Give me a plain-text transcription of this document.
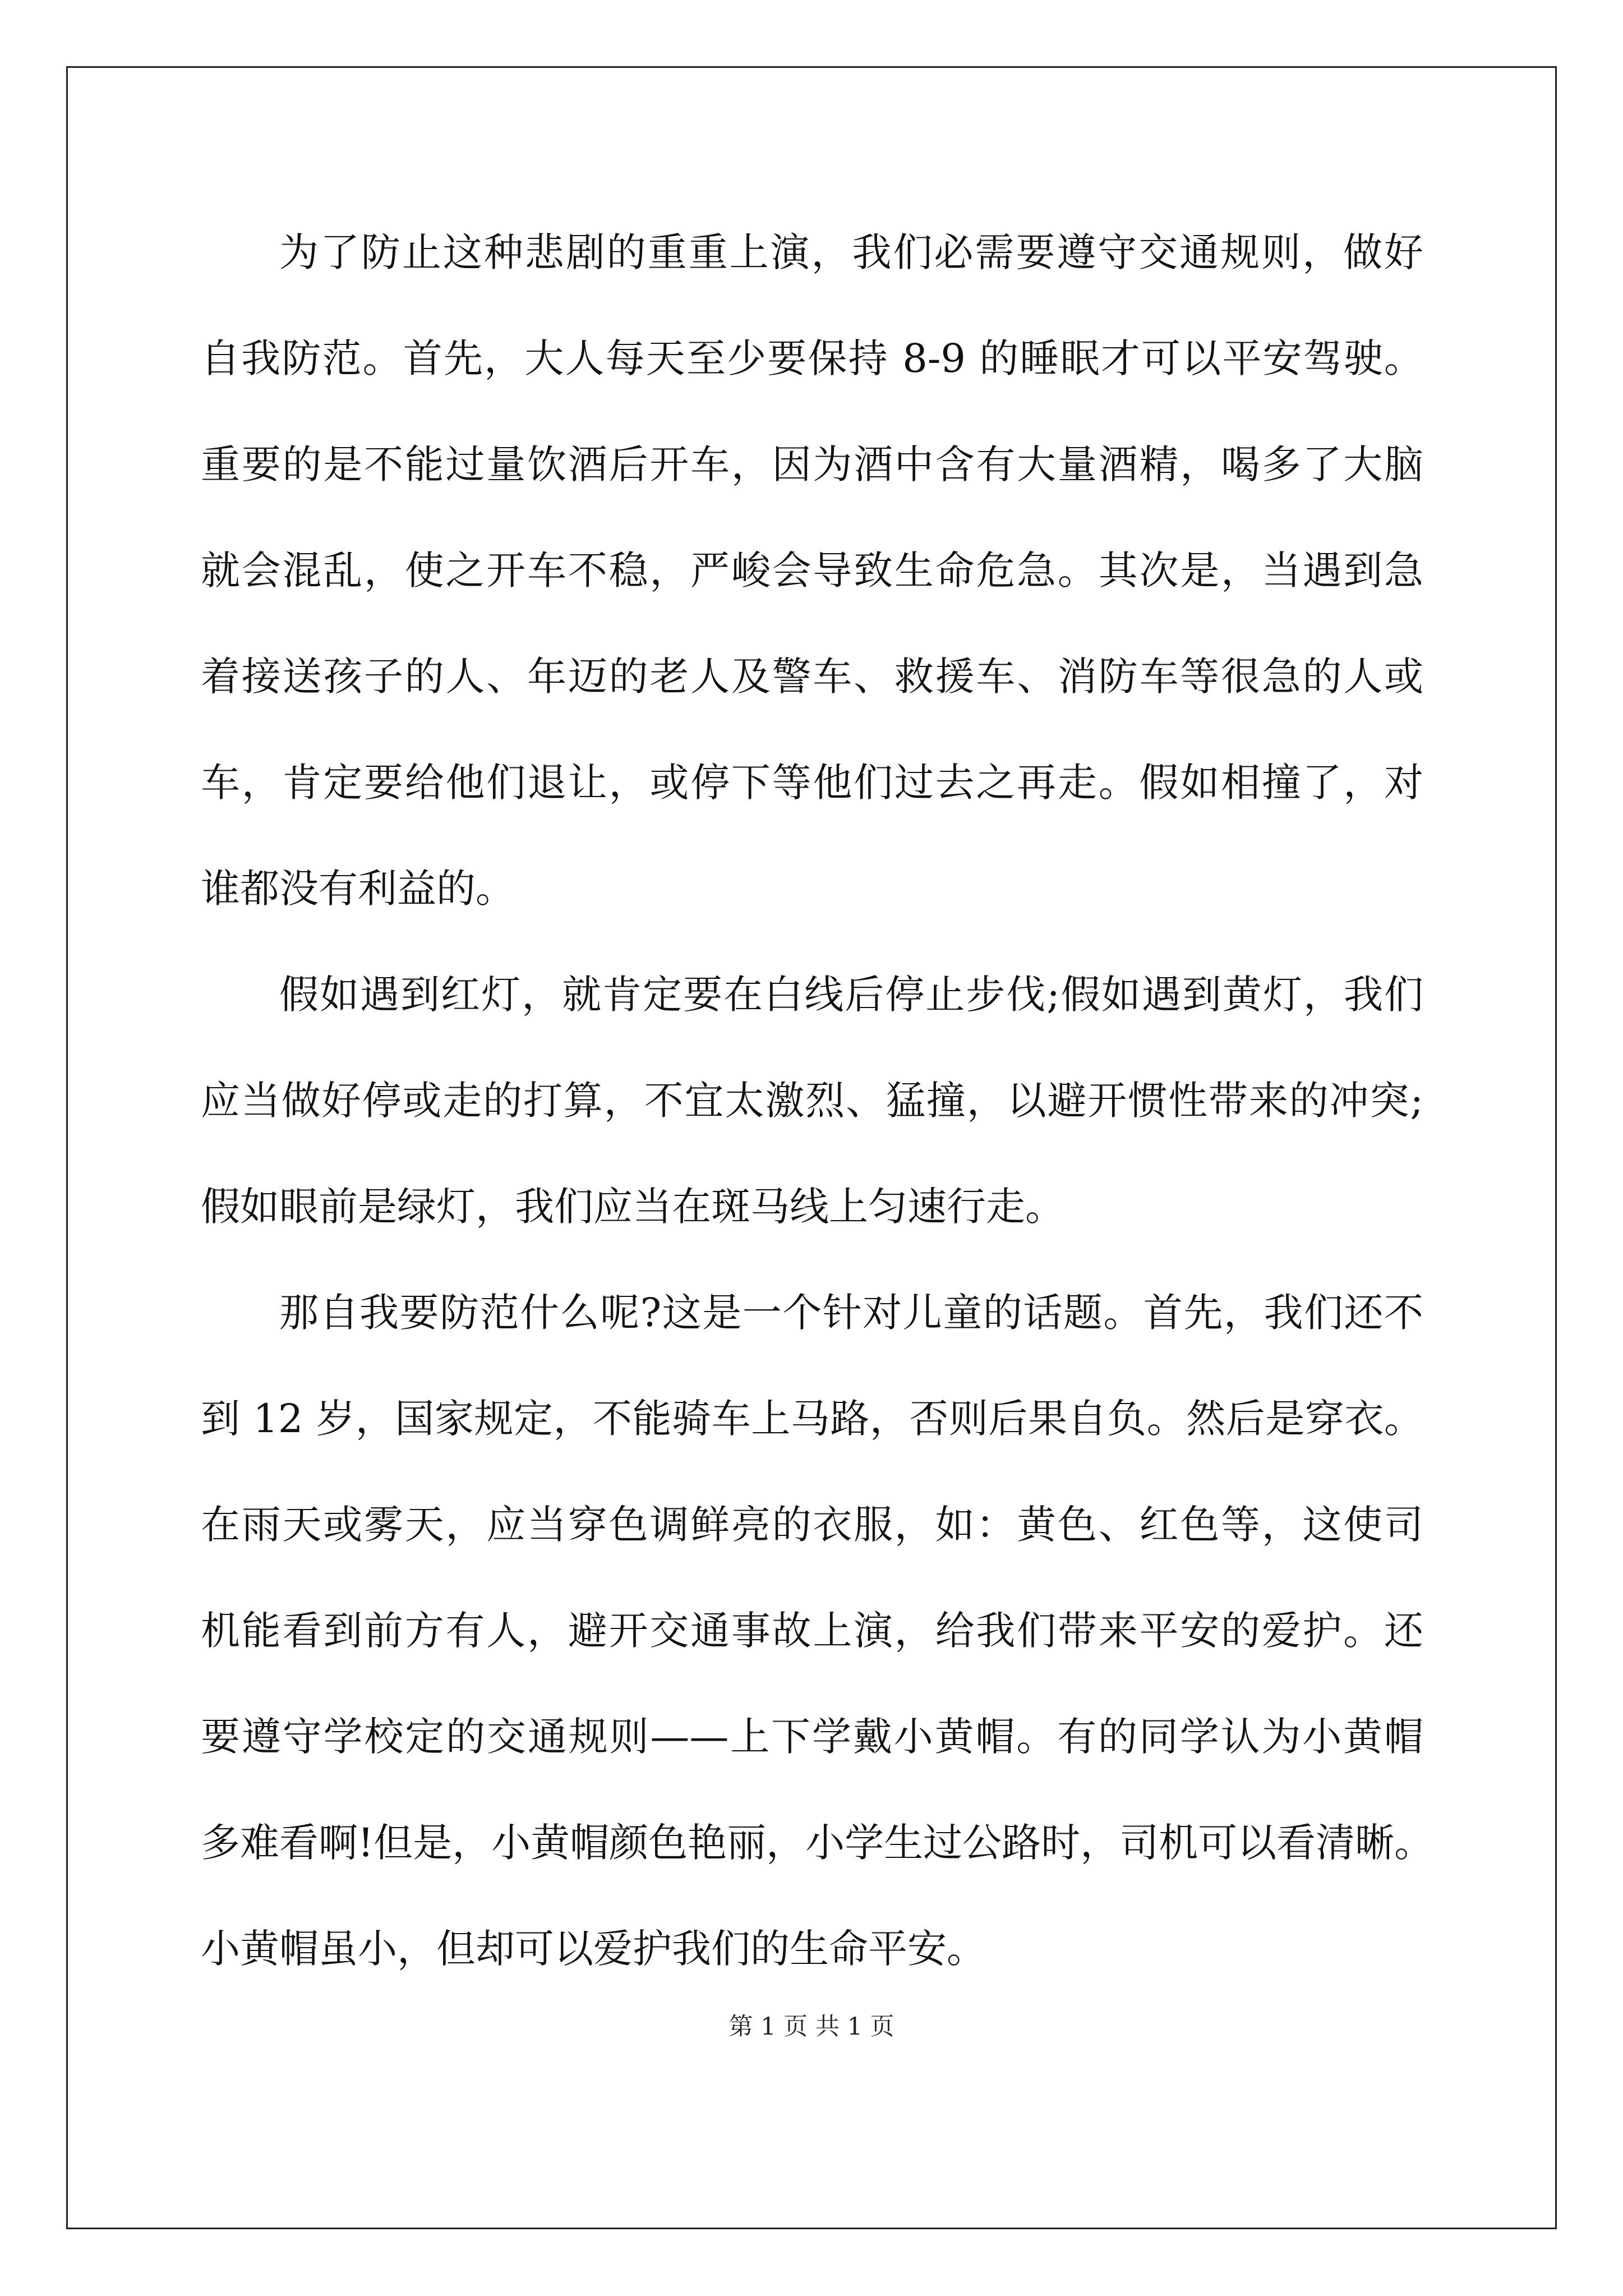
为了防止这种悲剧的重重上演，我们必需要遵守交通规则，做好
自我防范。首先，大人每天至少要保持 8-9 的睡眠才可以平安驾驶。
重要的是不能过量饮酒后开车，因为酒中含有大量酒精，喝多了大脑
就会混乱，使之开车不稳，严峻会导致生命危急。其次是，当遇到急
着接送孩子的人、年迈的老人及警车、救援车、消防车等很急的人或
车，肯定要给他们退让，或停下等他们过去之再走。假如相撞了，对
谁都没有利益的。
假如遇到红灯，就肯定要在白线后停止步伐;假如遇到黄灯，我们
应当做好停或走的打算，不宜太激烈、猛撞，以避开惯性带来的冲突;
假如眼前是绿灯，我们应当在斑马线上匀速行走。
那自我要防范什么呢?这是一个针对儿童的话题。首先，我们还不
到 12 岁，国家规定，不能骑车上马路，否则后果自负。然后是穿衣。
在雨天或雾天，应当穿色调鲜亮的衣服，如：黄色、红色等，这使司
机能看到前方有人，避开交通事故上演，给我们带来平安的爱护。还
要遵守学校定的交通规则——上下学戴小黄帽。有的同学认为小黄帽
多难看啊!但是，小黄帽颜色艳丽，小学生过公路时，司机可以看清晰。
小黄帽虽小，但却可以爱护我们的生命平安。
第 1 页 共 1 页
